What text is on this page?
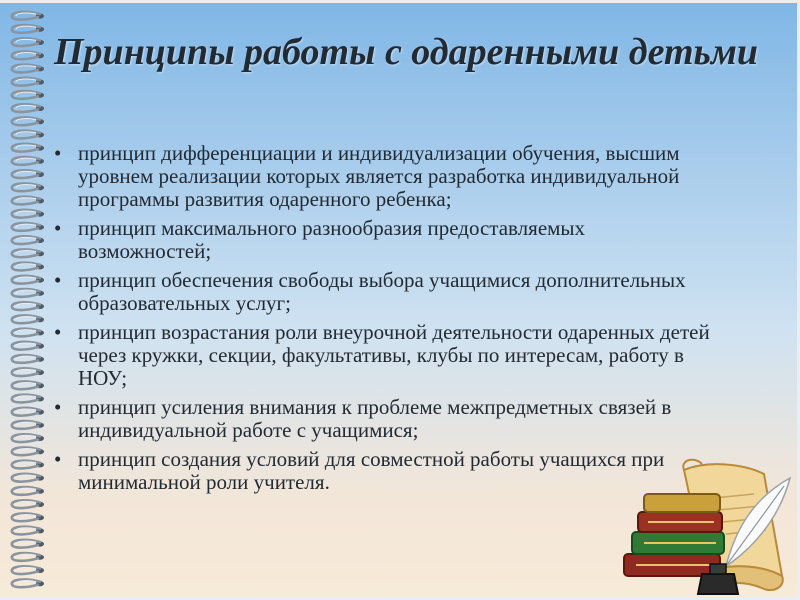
Принципы работы с одаренными детьми
• принцип дифференциации и индивидуализации обучения, высшим уровнем реализации которых является разработка индивидуальной программы развития одаренного ребенка;
• принцип максимального разнообразия предоставляемых возможностей;
• принцип обеспечения свободы выбора учащимися дополнительных образовательных услуг;
• принцип возрастания роли внеурочной деятельности одаренных детей через кружки, секции, факультативы, клубы по интересам, работу в НОУ;
• принцип усиления внимания к проблеме межпредметных связей в индивидуальной работе с учащимися;
• принцип создания условий для совместной работы учащихся при минимальной роли учителя.
